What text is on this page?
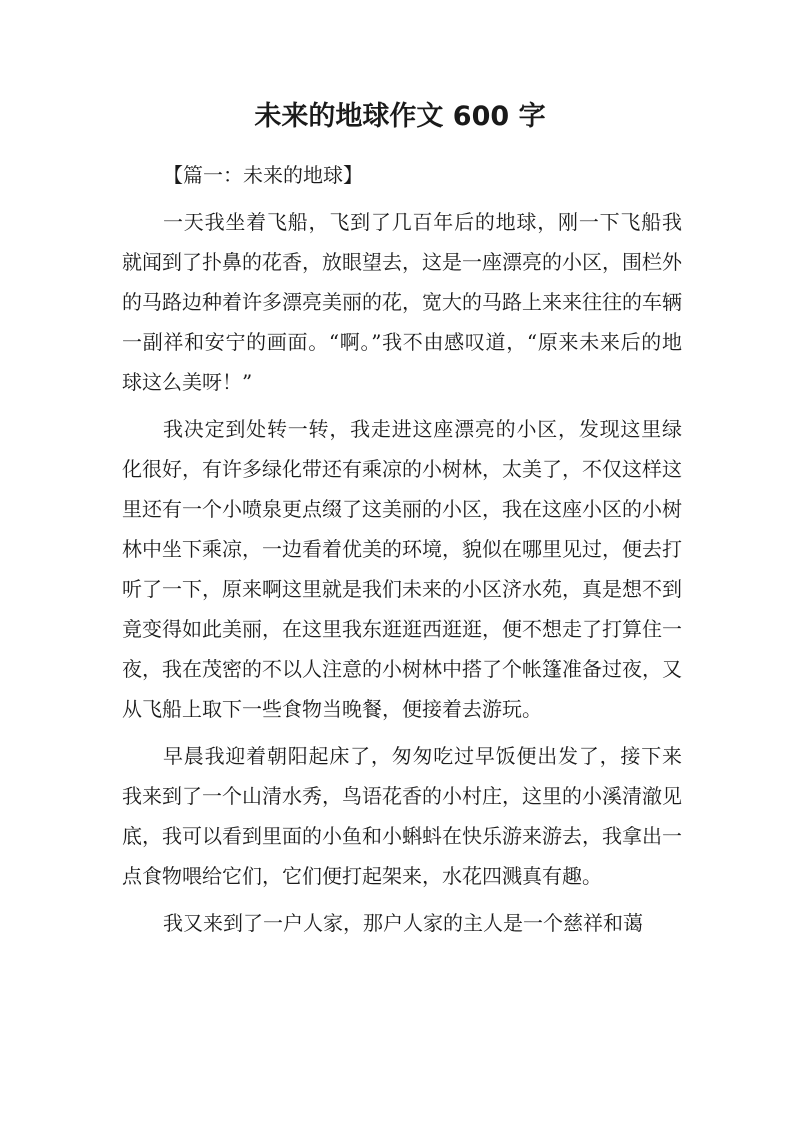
未来的地球作文 600 字

【篇一：未来的地球】

一天我坐着飞船，飞到了几百年后的地球，刚一下飞船我就闻到了扑鼻的花香，放眼望去，这是一座漂亮的小区，围栏外的马路边种着许多漂亮美丽的花，宽大的马路上来来往往的车辆一副祥和安宁的画面。“啊。”我不由感叹道，“原来未来后的地球这么美呀！”

我决定到处转一转，我走进这座漂亮的小区，发现这里绿化很好，有许多绿化带还有乘凉的小树林，太美了，不仅这样这里还有一个小喷泉更点缀了这美丽的小区，我在这座小区的小树林中坐下乘凉，一边看着优美的环境，貌似在哪里见过，便去打听了一下，原来啊这里就是我们未来的小区济水苑，真是想不到竟变得如此美丽，在这里我东逛逛西逛逛，便不想走了打算住一夜，我在茂密的不以人注意的小树林中搭了个帐篷准备过夜，又从飞船上取下一些食物当晚餐，便接着去游玩。

早晨我迎着朝阳起床了，匆匆吃过早饭便出发了，接下来我来到了一个山清水秀，鸟语花香的小村庄，这里的小溪清澈见底，我可以看到里面的小鱼和小蝌蚪在快乐游来游去，我拿出一点食物喂给它们，它们便打起架来，水花四溅真有趣。

我又来到了一户人家，那户人家的主人是一个慈祥和蔼
